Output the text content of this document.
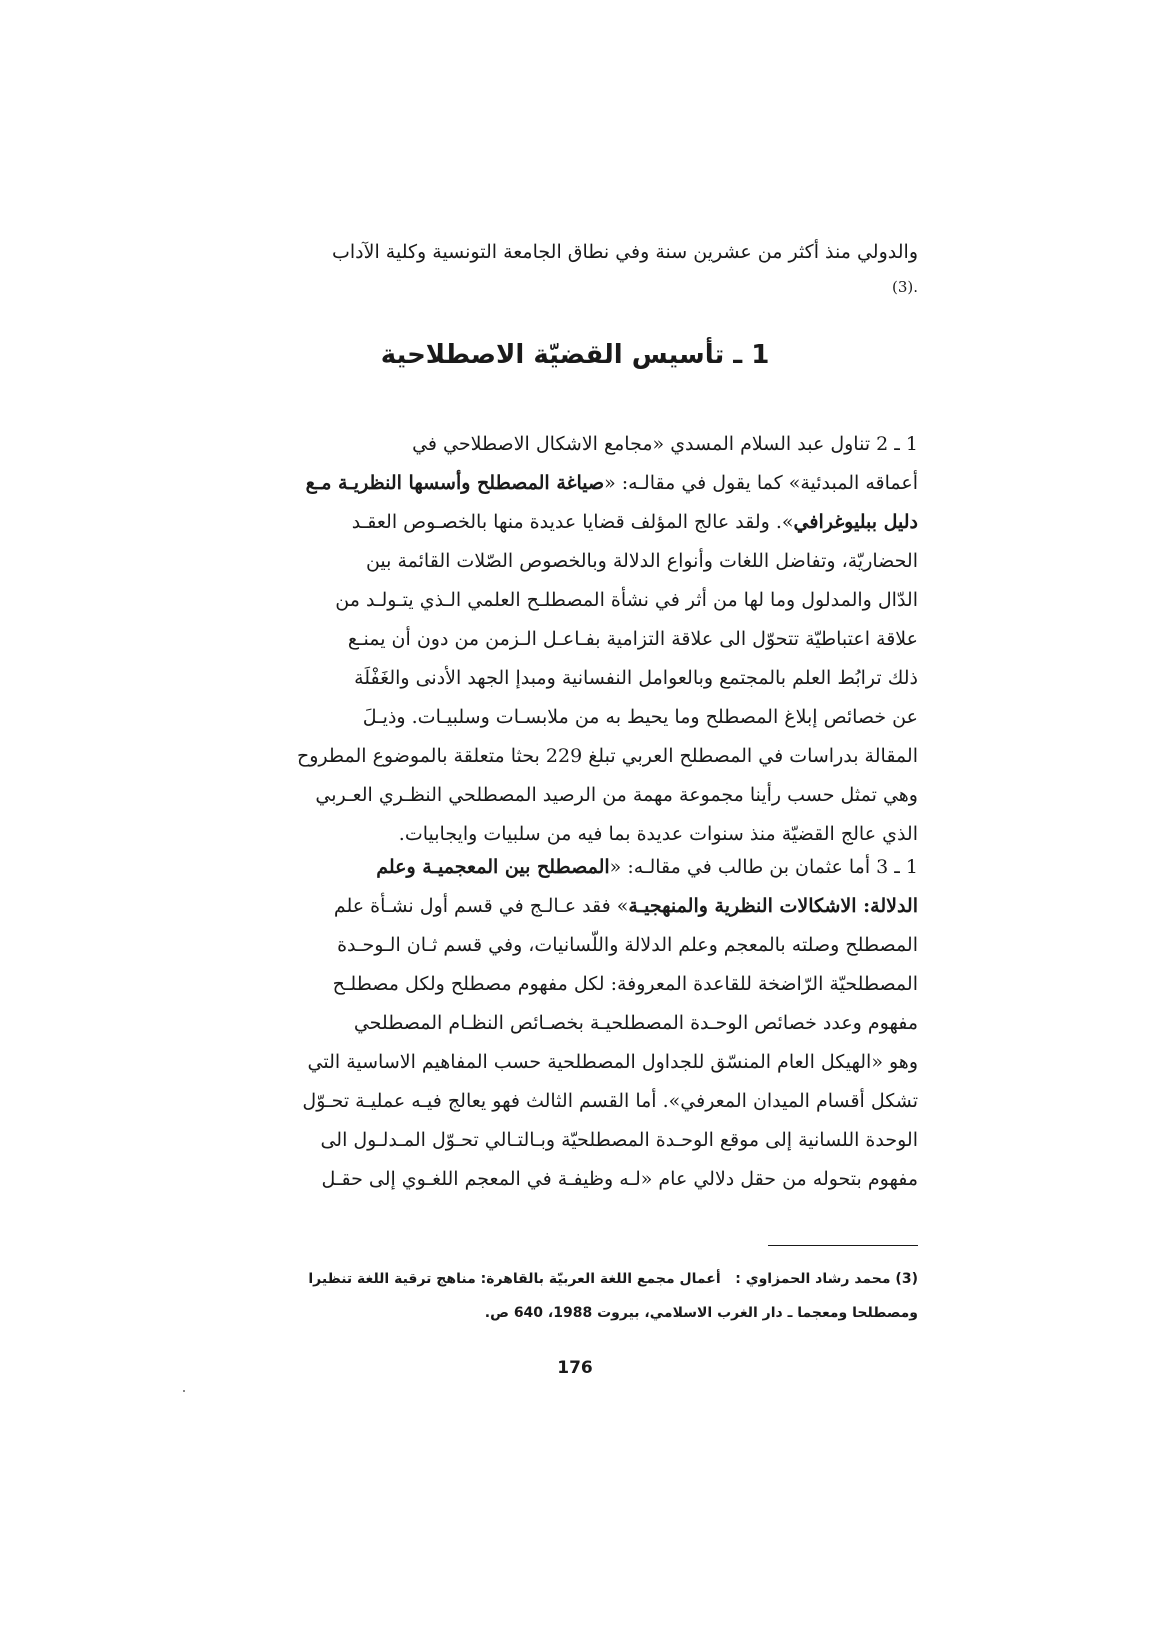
والدولي منذ أكثر من عشرين سنة وفي نطاق الجامعة التونسية وكلية الآداب
.(3)
1 ـ تأسيس القضيّة الاصطلاحية
1 ـ 2 تناول عبد السلام المسدي «مجامع الاشكال الاصطلاحي في
أعماقه المبدئية» كما يقول في مقالـه: «صياغة المصطلح وأسسها النظريـة مـع
دليل ببليوغرافي». ولقد عالج المؤلف قضايا عديدة منها بالخصـوص العقـد
الحضاريّة، وتفاضل اللغات وأنواع الدلالة وبالخصوص الصّلات القائمة بين
الدّال والمدلول وما لها من أثر في نشأة المصطلـح العلمي الـذي يتـولـد من
علاقة اعتباطيّة تتحوّل الى علاقة التزامية بفـاعـل الـزمن من دون أن يمنـع
ذلك ترابُط العلم بالمجتمع وبالعوامل النفسانية ومبدإ الجهد الأدنى والغَفْلَة
عن خصائص إبلاغ المصطلح وما يحيط به من ملابسـات وسلبيـات. وذيـلَ
المقالة بدراسات في المصطلح العربي تبلغ 229 بحثا متعلقة بالموضوع المطروح
وهي تمثل حسب رأينا مجموعة مهمة من الرصيد المصطلحي النظـري العـربي
الذي عالج القضيّة منذ سنوات عديدة بما فيه من سلبيات وايجابيات.
1 ـ 3 أما عثمان بن طالب في مقالـه: «المصطلح بين المعجميـة وعلم
الدلالة: الاشكالات النظرية والمنهجيـة» فقد عـالـج في قسم أول نشـأة علم
المصطلح وصلته بالمعجم وعلم الدلالة واللّسانيات، وفي قسم ثـان الـوحـدة
المصطلحيّة الرّاضخة للقاعدة المعروفة: لكل مفهوم مصطلح ولكل مصطلـح
مفهوم وعدد خصائص الوحـدة المصطلحيـة بخصـائص النظـام المصطلحي
وهو «الهيكل العام المنسّق للجداول المصطلحية حسب المفاهيم الاساسية التي
تشكل أقسام الميدان المعرفي». أما القسم الثالث فهو يعالج فيـه عمليـة تحـوّل
الوحدة اللسانية إلى موقع الوحـدة المصطلحيّة وبـالتـالي تحـوّل المـدلـول الى
مفهوم بتحوله من حقل دلالي عام «لـه وظيفـة في المعجم اللغـوي إلى حقـل
(3) محمد رشاد الحمزاوي :   أعمال مجمع اللغة العربيّة بالقاهرة: مناهج ترقية اللغة تنظيرا
ومصطلحا ومعجما ـ دار الغرب الاسلامي، بيروت 1988، 640 ص.
176
